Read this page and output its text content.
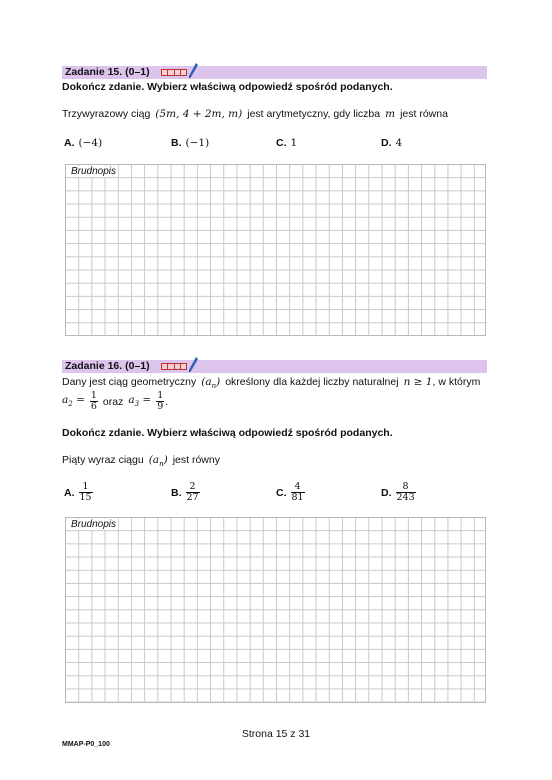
Zadanie 15. (0–1)
Dokończ zdanie. Wybierz właściwą odpowiedź spośród podanych.
Trzywyrazowy ciąg (5m, 4 + 2m, m) jest arytmetyczny, gdy liczba m jest równa
A. (−4)	B. (−1)	C. 1	D. 4
Brudnopis
Zadanie 16. (0–1)
Dany jest ciąg geometryczny $(a_n)$ określony dla każdej liczby naturalnej n ≥ 1 , w którym
$a_2 = \frac{1}{6}$ oraz $a_3 = \frac{1}{9}$ .
Dokończ zdanie. Wybierz właściwą odpowiedź spośród podanych.
Piąty wyraz ciągu $(a_n)$ jest równy
A. $\frac{1}{15}$	B. $\frac{2}{27}$	C. $\frac{4}{81}$	D. $\frac{8}{243}$
Brudnopis
Strona 15 z 31
MMAP-P0_100
